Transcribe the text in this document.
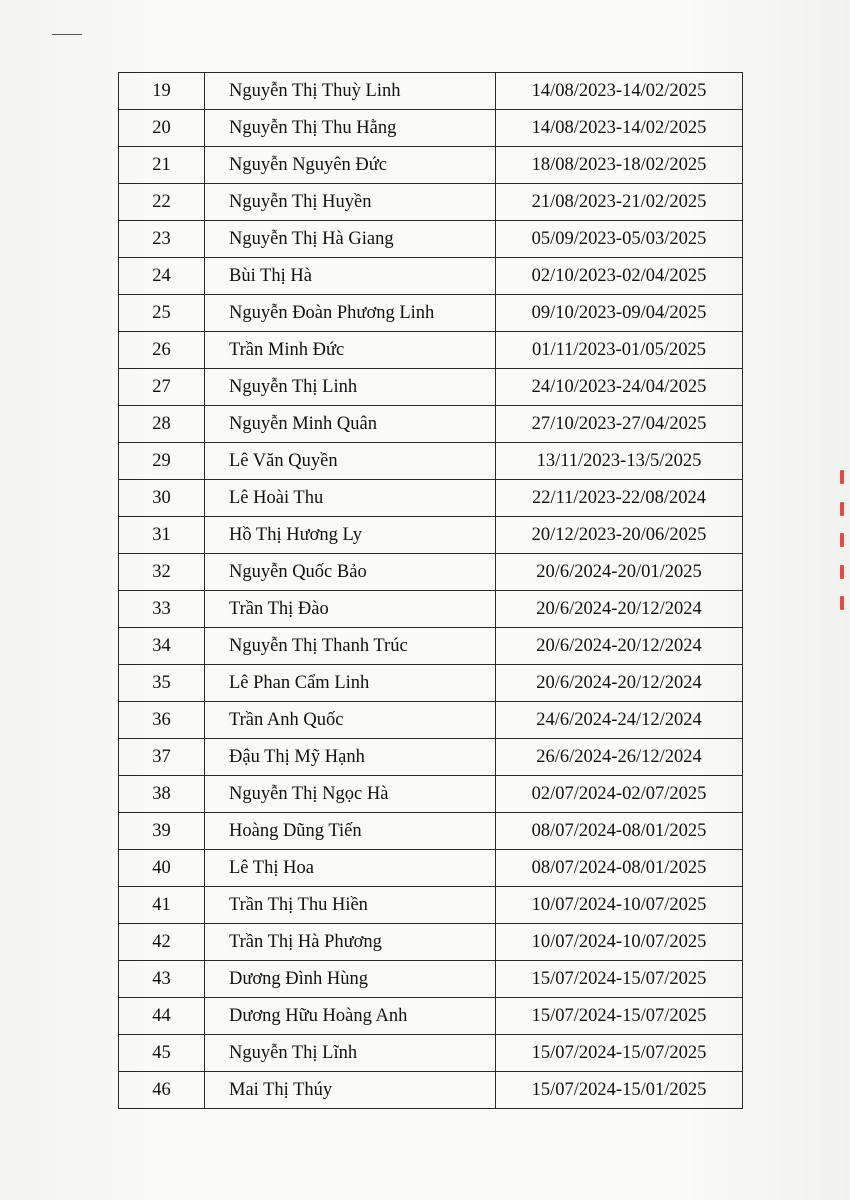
19	Nguyễn Thị Thuỳ Linh	14/08/2023-14/02/2025
20	Nguyễn Thị Thu Hằng	14/08/2023-14/02/2025
21	Nguyễn Nguyên Đức	18/08/2023-18/02/2025
22	Nguyễn Thị Huyền	21/08/2023-21/02/2025
23	Nguyễn Thị Hà Giang	05/09/2023-05/03/2025
24	Bùi Thị Hà	02/10/2023-02/04/2025
25	Nguyễn Đoàn Phương Linh	09/10/2023-09/04/2025
26	Trần Minh Đức	01/11/2023-01/05/2025
27	Nguyễn Thị Linh	24/10/2023-24/04/2025
28	Nguyễn Minh Quân	27/10/2023-27/04/2025
29	Lê Văn Quyền	13/11/2023-13/5/2025
30	Lê Hoài Thu	22/11/2023-22/08/2024
31	Hồ Thị Hương Ly	20/12/2023-20/06/2025
32	Nguyễn Quốc Bảo	20/6/2024-20/01/2025
33	Trần Thị Đào	20/6/2024-20/12/2024
34	Nguyễn Thị Thanh Trúc	20/6/2024-20/12/2024
35	Lê Phan Cẩm Linh	20/6/2024-20/12/2024
36	Trần Anh Quốc	24/6/2024-24/12/2024
37	Đậu Thị Mỹ Hạnh	26/6/2024-26/12/2024
38	Nguyễn Thị Ngọc Hà	02/07/2024-02/07/2025
39	Hoàng Dũng Tiến	08/07/2024-08/01/2025
40	Lê Thị Hoa	08/07/2024-08/01/2025
41	Trần Thị Thu Hiền	10/07/2024-10/07/2025
42	Trần Thị Hà Phương	10/07/2024-10/07/2025
43	Dương Đình Hùng	15/07/2024-15/07/2025
44	Dương Hữu Hoàng Anh	15/07/2024-15/07/2025
45	Nguyễn Thị Lĩnh	15/07/2024-15/07/2025
46	Mai Thị Thúy	15/07/2024-15/01/2025
